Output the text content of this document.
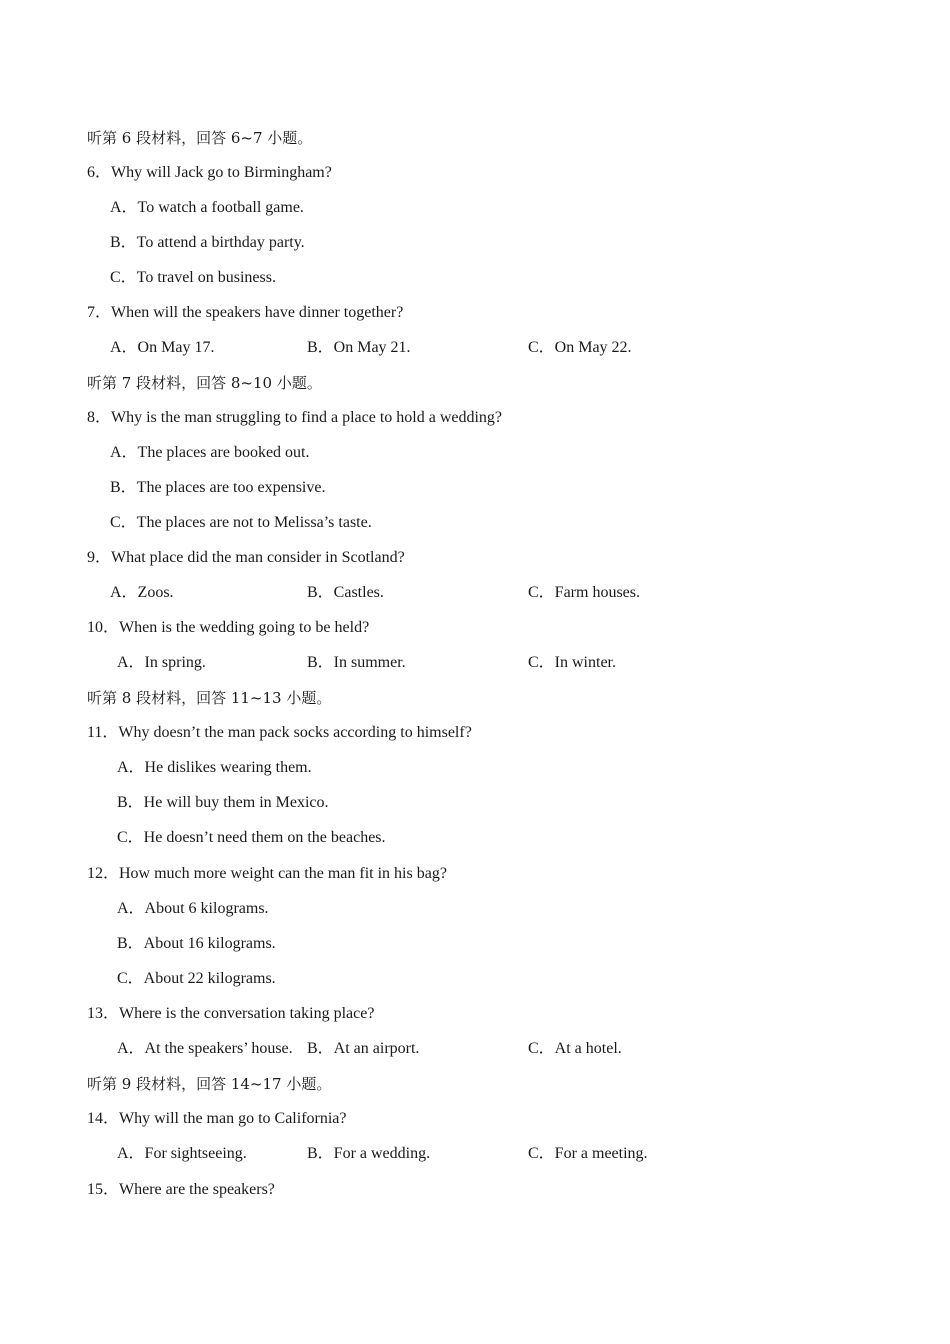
听第 6 段材料，回答 6~7 小题。
6．Why will Jack go to Birmingham?
A．To watch a football game.
B．To attend a birthday party.
C．To travel on business.
7．When will the speakers have dinner together?
A．On May 17.	B．On May 21.	C．On May 22.
听第 7 段材料，回答 8~10 小题。
8．Why is the man struggling to find a place to hold a wedding?
A．The places are booked out.
B．The places are too expensive.
C．The places are not to Melissa’s taste.
9．What place did the man consider in Scotland?
A．Zoos.	B．Castles.	C．Farm houses.
10．When is the wedding going to be held?
A．In spring.	B．In summer.	C．In winter.
听第 8 段材料，回答 11~13 小题。
11．Why doesn’t the man pack socks according to himself?
A．He dislikes wearing them.
B．He will buy them in Mexico.
C．He doesn’t need them on the beaches.
12．How much more weight can the man fit in his bag?
A．About 6 kilograms.
B．About 16 kilograms.
C．About 22 kilograms.
13．Where is the conversation taking place?
A．At the speakers’ house. B．At an airport.	C．At a hotel.
听第 9 段材料，回答 14~17 小题。
14．Why will the man go to California?
A．For sightseeing.	B．For a wedding.	C．For a meeting.
15．Where are the speakers?
